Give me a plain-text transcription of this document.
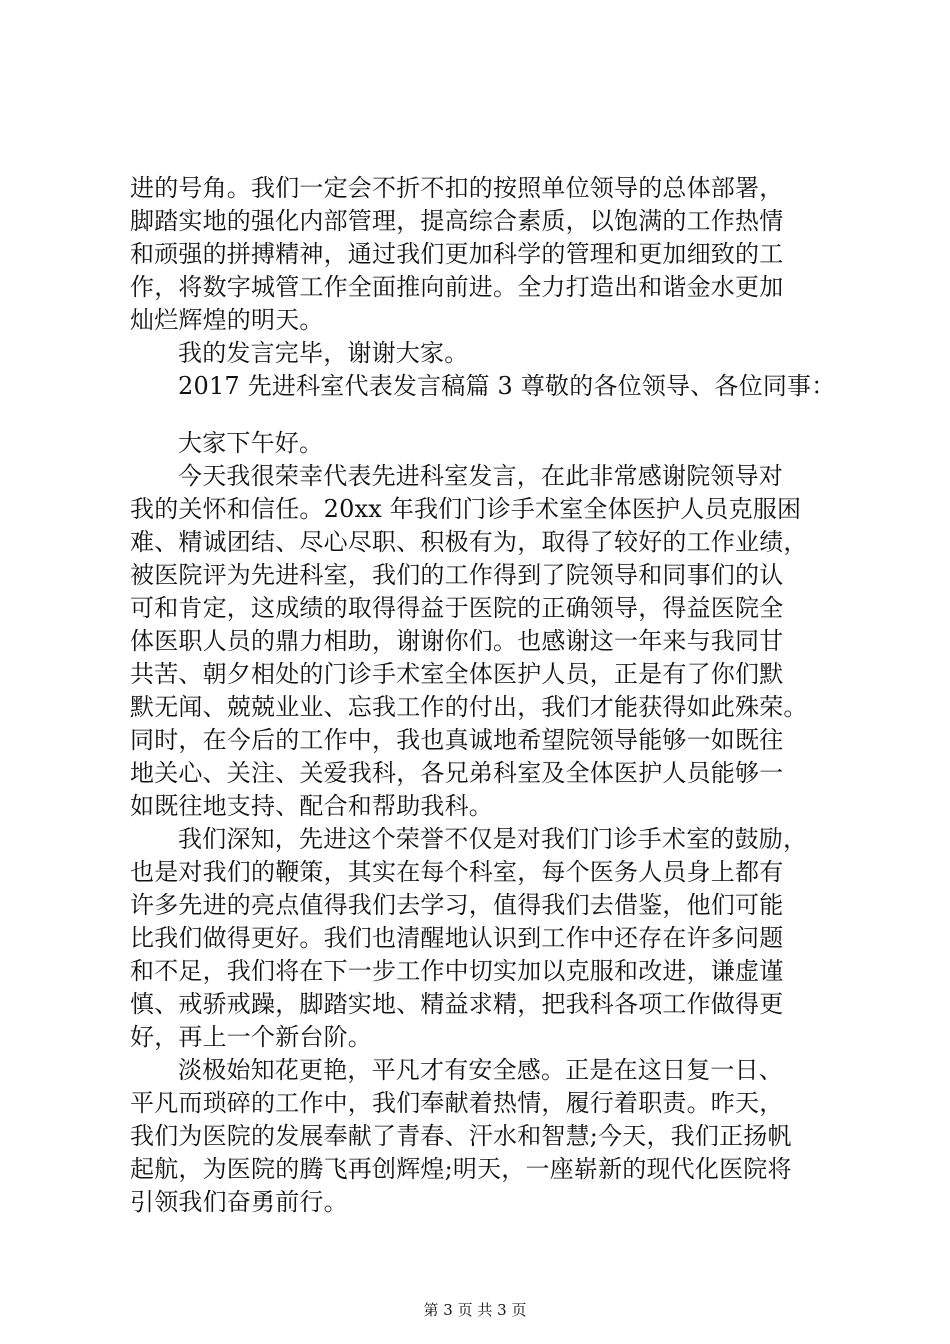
进的号角。我们一定会不折不扣的按照单位领导的总体部署，
脚踏实地的强化内部管理，提高综合素质，以饱满的工作热情
和顽强的拼搏精神，通过我们更加科学的管理和更加细致的工
作，将数字城管工作全面推向前进。全力打造出和谐金水更加
灿烂辉煌的明天。
我的发言完毕，谢谢大家。
2017 先进科室代表发言稿篇 3 尊敬的各位领导、各位同事：
大家下午好。
今天我很荣幸代表先进科室发言，在此非常感谢院领导对
我的关怀和信任。20xx 年我们门诊手术室全体医护人员克服困
难、精诚团结、尽心尽职、积极有为，取得了较好的工作业绩，
被医院评为先进科室，我们的工作得到了院领导和同事们的认
可和肯定，这成绩的取得得益于医院的正确领导，得益医院全
体医职人员的鼎力相助，谢谢你们。也感谢这一年来与我同甘
共苦、朝夕相处的门诊手术室全体医护人员，正是有了你们默
默无闻、兢兢业业、忘我工作的付出，我们才能获得如此殊荣。
同时，在今后的工作中，我也真诚地希望院领导能够一如既往
地关心、关注、关爱我科，各兄弟科室及全体医护人员能够一
如既往地支持、配合和帮助我科。
我们深知，先进这个荣誉不仅是对我们门诊手术室的鼓励，
也是对我们的鞭策，其实在每个科室，每个医务人员身上都有
许多先进的亮点值得我们去学习，值得我们去借鉴，他们可能
比我们做得更好。我们也清醒地认识到工作中还存在许多问题
和不足，我们将在下一步工作中切实加以克服和改进，谦虚谨
慎、戒骄戒躁，脚踏实地、精益求精，把我科各项工作做得更
好，再上一个新台阶。
淡极始知花更艳，平凡才有安全感。正是在这日复一日、
平凡而琐碎的工作中，我们奉献着热情，履行着职责。昨天，
我们为医院的发展奉献了青春、汗水和智慧;今天，我们正扬帆
起航，为医院的腾飞再创辉煌;明天，一座崭新的现代化医院将
引领我们奋勇前行。
第 3 页 共 3 页
